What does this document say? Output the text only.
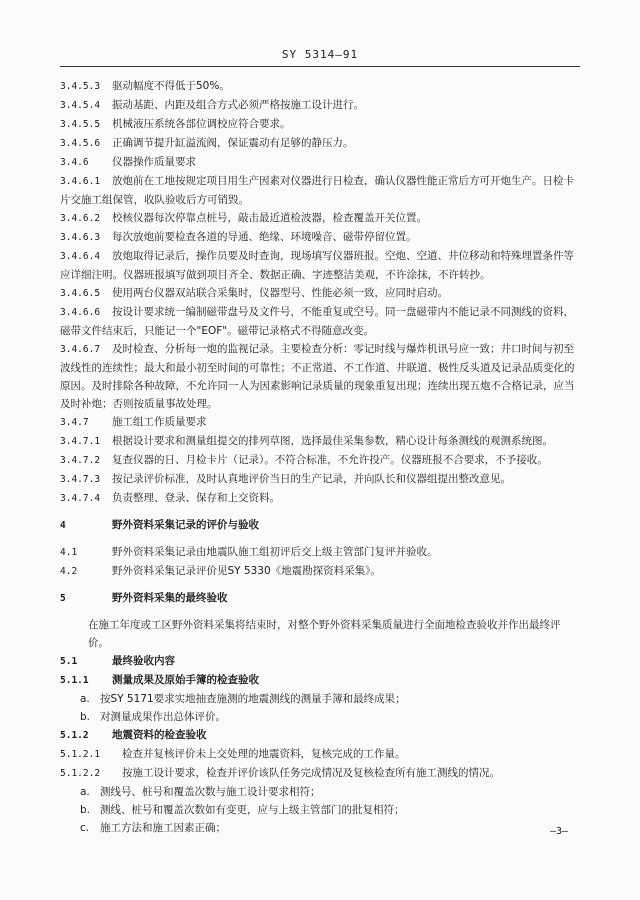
SY 5314—91

3.4.5.3 驱动幅度不得低于50%。

3.4.5.4 振动基距、内距及组合方式必须严格按施工设计进行。

3.4.5.5 机械液压系统各部位调校应符合要求。

3.4.5.6 正确调节提升缸溢流阀，保证震动有足够的静压力。

3.4.6 仪器操作质量要求

3.4.6.1 放炮前在工地按规定项目用生产因素对仪器进行日检查，确认仪器性能正常后方可开炮生产。日检卡片交施工组保管，收队验收后方可销毁。

3.4.6.2 校核仪器每次停靠点桩号，敲击最近道检波器，检查覆盖开关位置。

3.4.6.3 每次放炮前要检查各道的导通、绝缘、环境噪音、磁带停留位置。

3.4.6.4 放炮取得记录后，操作员要及时查询，现场填写仪器班报。空炮、空道、井位移动和特殊埋置条件等应详细注明。仪器班报填写做到项目齐全、数据正确、字迹整洁美观，不许涂抹，不许转抄。

3.4.6.5 使用两台仪器双站联合采集时，仪器型号、性能必须一致，应同时启动。

3.4.6.6 按设计要求统一编制磁带盘号及文件号，不能重复或空号。同一盘磁带内不能记录不同测线的资料，磁带文件结束后，只能记一个"EOF"。磁带记录格式不得随意改变。

3.4.6.7 及时检查、分析每一炮的监视记录。主要检查分析：零记时线与爆炸机讯号应一致；井口时间与初至波线性的连续性；最大和最小初至时间的可靠性；不正常道、不工作道、井联道、极性反头道及记录品质变化的原因。及时排除各种故障，不允许同一人为因素影响记录质量的现象重复出现；连续出现五炮不合格记录，应当及时补炮；否则按质量事故处理。

3.4.7 施工组工作质量要求

3.4.7.1 根据设计要求和测量组提交的排列草图，选择最佳采集参数，精心设计每条测线的观测系统图。

3.4.7.2 复查仪器的日、月检卡片（记录）。不符合标准，不允许投产。仪器班报不合要求，不予接收。

3.4.7.3 按记录评价标准，及时认真地评价当日的生产记录，并向队长和仪器组提出整改意见。

3.4.7.4 负责整理、登录、保存和上交资料。

4	野外资料采集记录的评价与验收

4.1	野外资料采集记录由地震队施工组初评后交上级主管部门复评并验收。

4.2	野外资料采集记录评价见SY 5330《地震勘探资料采集》。

5	野外资料采集的最终验收

在施工年度或工区野外资料采集将结束时，对整个野外资料采集质量进行全面地检查验收并作出最终评价。

5.1	最终验收内容

5.1.1 测量成果及原始手簿的检查验收

a. 按SY 5171要求实地抽查施测的地震测线的测量手簿和最终成果；

b. 对测量成果作出总体评价。

5.1.2 地震资料的检查验收

5.1.2.1 检查并复核评价未上交处理的地震资料，复核完成的工作量。

5.1.2.2 按施工设计要求，检查并评价该队任务完成情况及复核检查所有施工测线的情况。

a. 测线号、桩号和覆盖次数与施工设计要求相符；

b. 测线、桩号和覆盖次数如有变更，应与上级主管部门的批复相符；

c. 施工方法和施工因素正确；	—3—
